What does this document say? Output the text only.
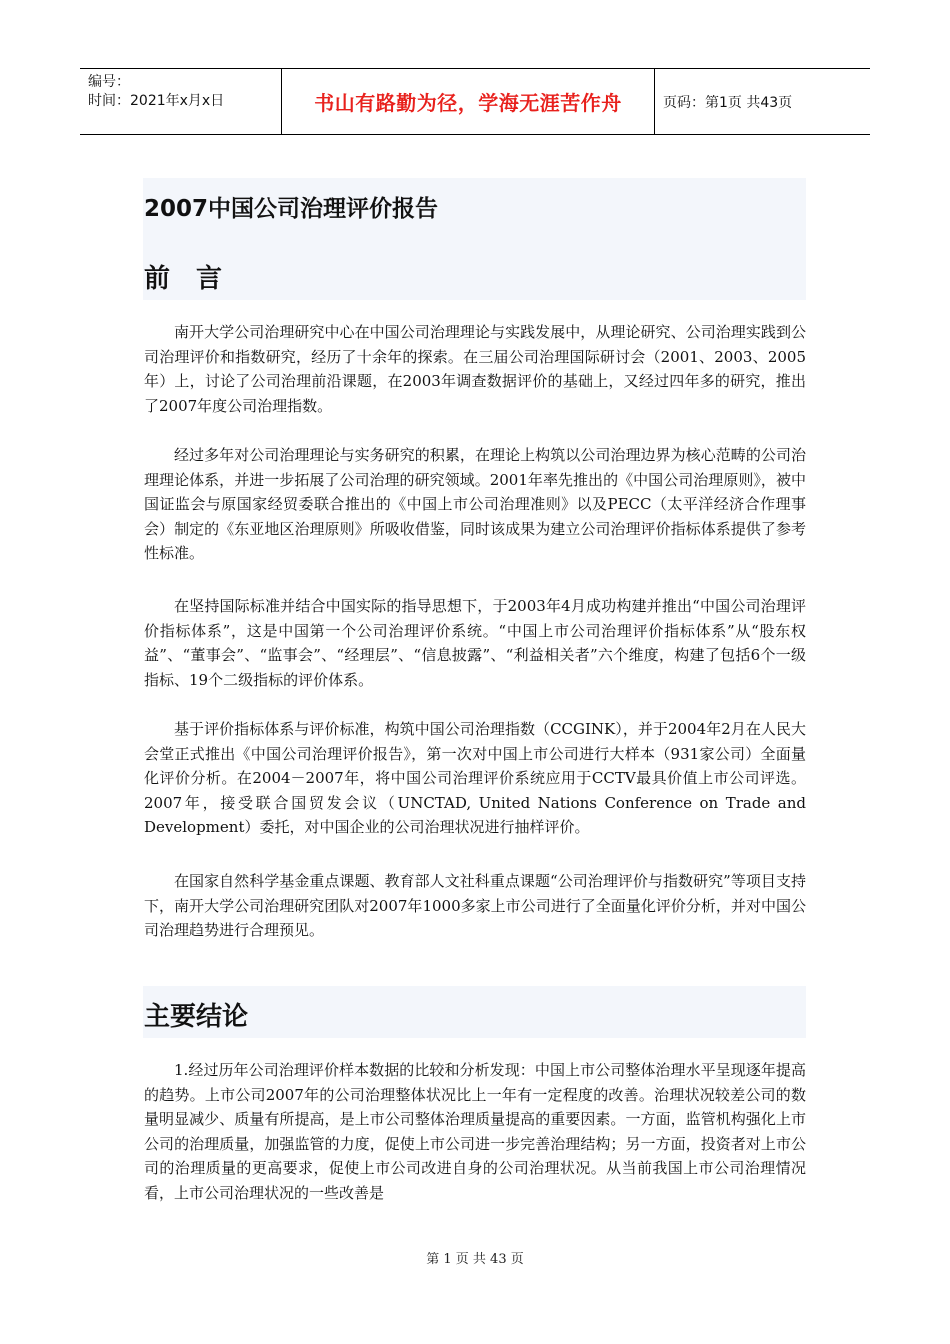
编号：
时间：2021年x月x日	书山有路勤为径，学海无涯苦作舟	页码：第1页 共43页
2007中国公司治理评价报告
前　言

南开大学公司治理研究中心在中国公司治理理论与实践发展中，从理论研究、公司治理实践到公司治理评价和指数研究，经历了十余年的探索。在三届公司治理国际研讨会（2001、2003、2005年）上，讨论了公司治理前沿课题，在2003年调查数据评价的基础上，又经过四年多的研究，推出了2007年度公司治理指数。

经过多年对公司治理理论与实务研究的积累，在理论上构筑以公司治理边界为核心范畴的公司治理理论体系，并进一步拓展了公司治理的研究领域。2001年率先推出的《中国公司治理原则》，被中国证监会与原国家经贸委联合推出的《中国上市公司治理准则》以及PECC（太平洋经济合作理事会）制定的《东亚地区治理原则》所吸收借鉴，同时该成果为建立公司治理评价指标体系提供了参考性标准。

在坚持国际标准并结合中国实际的指导思想下，于2003年4月成功构建并推出“中国公司治理评价指标体系”，这是中国第一个公司治理评价系统。“中国上市公司治理评价指标体系”从“股东权益”、“董事会”、“监事会”、“经理层”、“信息披露”、“利益相关者”六个维度，构建了包括6个一级指标、19个二级指标的评价体系。

基于评价指标体系与评价标准，构筑中国公司治理指数（CCGINK），并于2004年2月在人民大会堂正式推出《中国公司治理评价报告》，第一次对中国上市公司进行大样本（931家公司）全面量化评价分析。在2004－2007年，将中国公司治理评价系统应用于CCTV最具价值上市公司评选。2007年，接受联合国贸发会议（UNCTAD, United Nations Conference on Trade and Development）委托，对中国企业的公司治理状况进行抽样评价。

在国家自然科学基金重点课题、教育部人文社科重点课题“公司治理评价与指数研究”等项目支持下，南开大学公司治理研究团队对2007年1000多家上市公司进行了全面量化评价分析，并对中国公司治理趋势进行合理预见。

主要结论

1.经过历年公司治理评价样本数据的比较和分析发现：中国上市公司整体治理水平呈现逐年提高的趋势。上市公司2007年的公司治理整体状况比上一年有一定程度的改善。治理状况较差公司的数量明显减少、质量有所提高，是上市公司整体治理质量提高的重要因素。一方面，监管机构强化上市公司的治理质量，加强监管的力度，促使上市公司进一步完善治理结构；另一方面，投资者对上市公司的治理质量的更高要求，促使上市公司改进自身的公司治理状况。从当前我国上市公司治理情况看，上市公司治理状况的一些改善是

第 1 页 共 43 页
